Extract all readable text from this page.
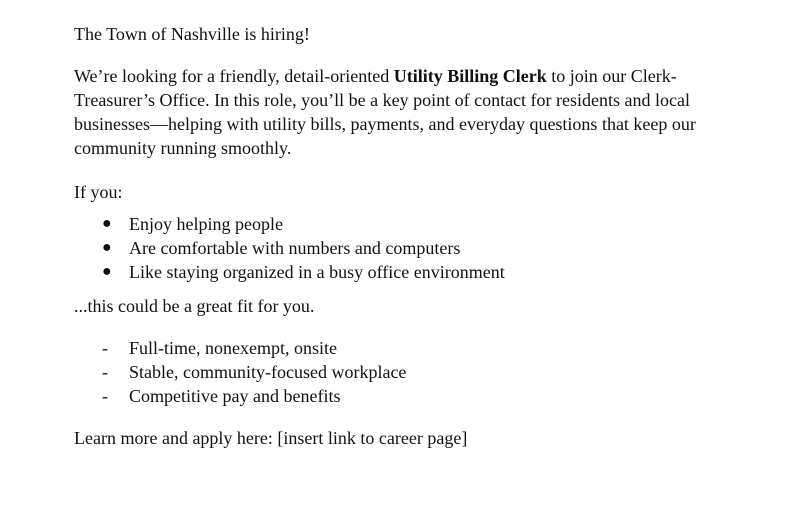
The Town of Nashville is hiring!

We’re looking for a friendly, detail-oriented Utility Billing Clerk to join our Clerk-
Treasurer’s Office. In this role, you’ll be a key point of contact for residents and local
businesses—helping with utility bills, payments, and everyday questions that keep our
community running smoothly.

If you:

● Enjoy helping people
● Are comfortable with numbers and computers
● Like staying organized in a busy office environment

...this could be a great fit for you.

- Full-time, nonexempt, onsite
- Stable, community-focused workplace
- Competitive pay and benefits

Learn more and apply here: [insert link to career page]
